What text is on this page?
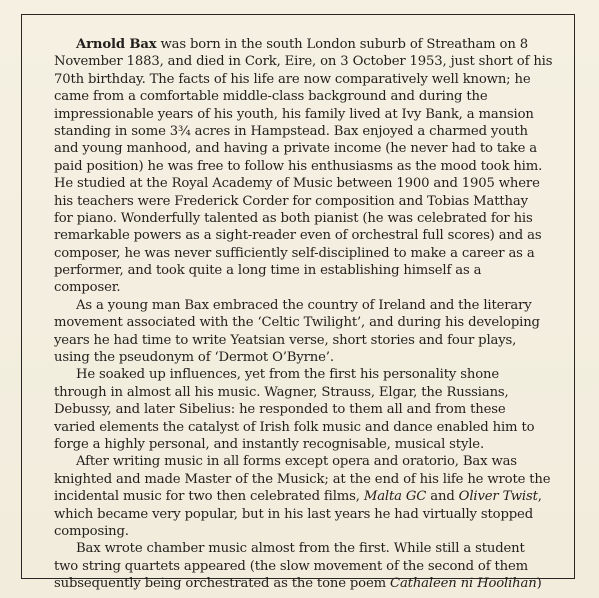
Arnold Bax was born in the south London suburb of Streatham on 8
November 1883, and died in Cork, Eire, on 3 October 1953, just short of his
70th birthday. The facts of his life are now comparatively well known; he
came from a comfortable middle-class background and during the
impressionable years of his youth, his family lived at Ivy Bank, a mansion
standing in some 3¾ acres in Hampstead. Bax enjoyed a charmed youth
and young manhood, and having a private income (he never had to take a
paid position) he was free to follow his enthusiasms as the mood took him.
He studied at the Royal Academy of Music between 1900 and 1905 where
his teachers were Frederick Corder for composition and Tobias Matthay
for piano. Wonderfully talented as both pianist (he was celebrated for his
remarkable powers as a sight-reader even of orchestral full scores) and as
composer, he was never sufficiently self-disciplined to make a career as a
performer, and took quite a long time in establishing himself as a
composer.
As a young man Bax embraced the country of Ireland and the literary
movement associated with the ‘Celtic Twilight’, and during his developing
years he had time to write Yeatsian verse, short stories and four plays,
using the pseudonym of ‘Dermot O’Byrne’.
He soaked up influences, yet from the first his personality shone
through in almost all his music. Wagner, Strauss, Elgar, the Russians,
Debussy, and later Sibelius: he responded to them all and from these
varied elements the catalyst of Irish folk music and dance enabled him to
forge a highly personal, and instantly recognisable, musical style.
After writing music in all forms except opera and oratorio, Bax was
knighted and made Master of the Musick; at the end of his life he wrote the
incidental music for two then celebrated films, Malta GC and Oliver Twist,
which became very popular, but in his last years he had virtually stopped
composing.
Bax wrote chamber music almost from the first. While still a student
two string quartets appeared (the slow movement of the second of them
subsequently being orchestrated as the tone poem Cathaleen ni Hoolihan)
